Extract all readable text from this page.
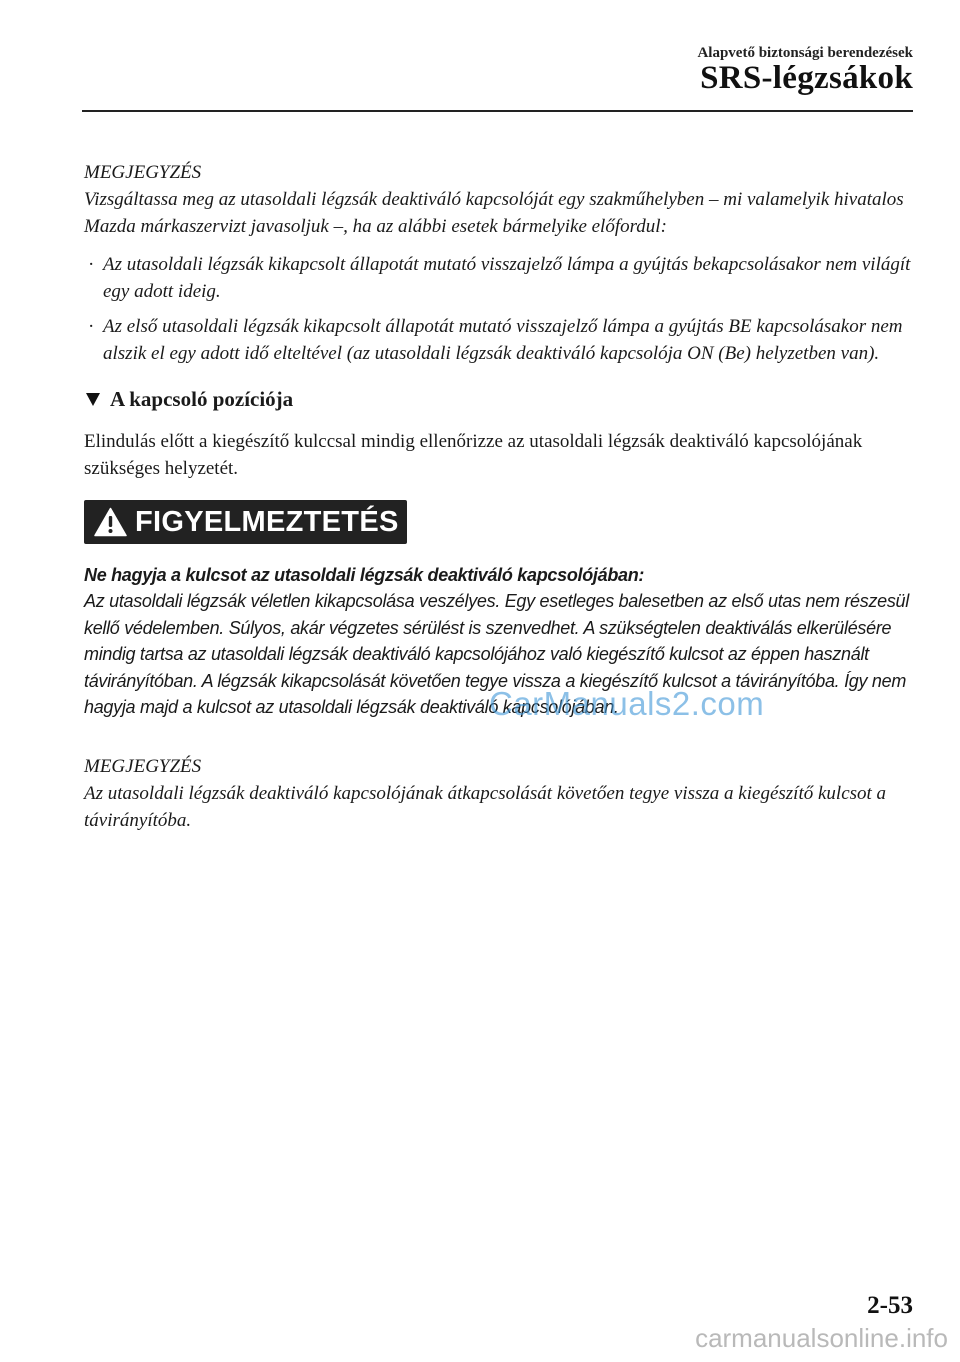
Alapvető biztonsági berendezések
SRS-légzsákok
MEGJEGYZÉS

Vizsgáltassa meg az utasoldali légzsák deaktiváló kapcsolóját egy szakműhelyben – mi valamelyik hivatalos Mazda márkaszervizt javasoljuk –, ha az alábbi esetek bármelyike előfordul:

· Az utasoldali légzsák kikapcsolt állapotát mutató visszajelző lámpa a gyújtás bekapcsolásakor nem világít egy adott ideig.
· Az első utasoldali légzsák kikapcsolt állapotát mutató visszajelző lámpa a gyújtás BE kapcsolásakor nem alszik el egy adott idő elteltével (az utasoldali légzsák deaktiváló kapcsolója ON (Be) helyzetben van).
A kapcsoló pozíciója
Elindulás előtt a kiegészítő kulccsal mindig ellenőrizze az utasoldali légzsák deaktiváló kapcsolójának szükséges helyzetét.
FIGYELMEZTETÉS
Ne hagyja a kulcsot az utasoldali légzsák deaktiváló kapcsolójában:
Az utasoldali légzsák véletlen kikapcsolása veszélyes. Egy esetleges balesetben az első utas nem részesül kellő védelemben. Súlyos, akár végzetes sérülést is szenvedhet. A szükségtelen deaktiválás elkerülésére mindig tartsa az utasoldali légzsák deaktiváló kapcsolójához való kiegészítő kulcsot az éppen használt távirányítóban. A légzsák kikapcsolását követően tegye vissza a kiegészítő kulcsot a távirányítóba. Így nem hagyja majd a kulcsot az utasoldali légzsák deaktiváló kapcsolójában.
MEGJEGYZÉS

Az utasoldali légzsák deaktiváló kapcsolójának átkapcsolását követően tegye vissza a kiegészítő kulcsot a távirányítóba.

CarManuals2.com
2-53
carmanualsonline.info
